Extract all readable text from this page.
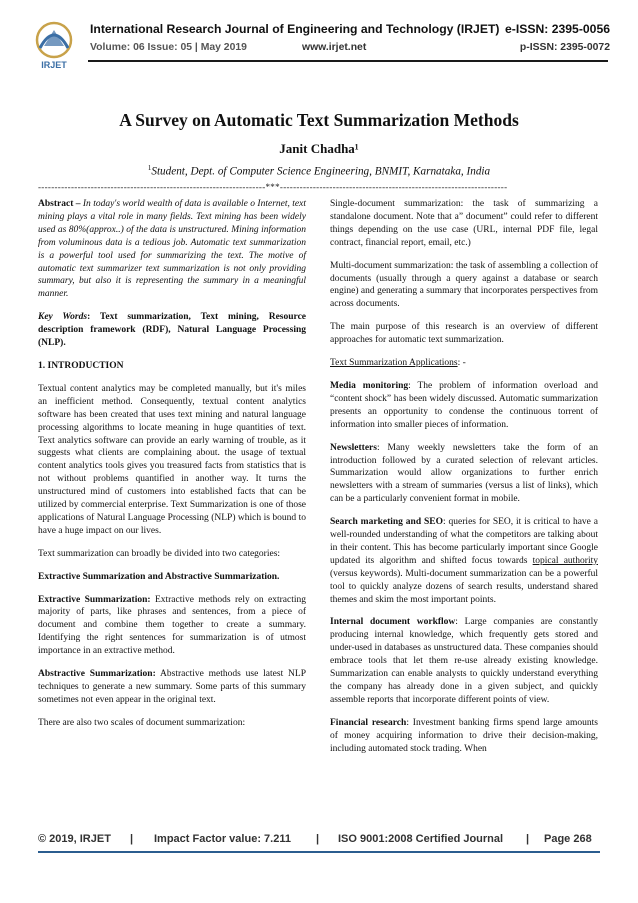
IRJET
International Research Journal of Engineering and Technology (IRJET) e-ISSN: 2395-0056
Volume: 06 Issue: 05 | May 2019	www.irjet.net	p-ISSN: 2395-0072
A Survey on Automatic Text Summarization Methods
Janit Chadha¹
$^1$Student, Dept. of Computer Science Engineering, BNMIT, Karnataka, India
---------------------------------------------------------------------***---------------------------------------------------------------------

Abstract – In today's world wealth of data is available o Internet, text mining plays a vital role in many fields. Text mining has been widely used as 80%(approx..) of the data is unstructured. Mining information from voluminous data is a tedious job. Automatic text summarization is a powerful tool used for summarizing the text. The motive of automatic text summarizer text summarization is not only providing summary, but also it is representing the summary in a meaningful manner.

Key Words: Text summarization, Text mining, Resource description framework (RDF), Natural Language Processing (NLP).

1. INTRODUCTION

Textual content analytics may be completed manually, but it's miles an inefficient method. Consequently, textual content analytics software has been created that uses text mining and natural language processing algorithms to locate meaning in huge quantities of text. Text analytics software can provide an early warning of trouble, as it suggests what clients are complaining about. the usage of textual content analytics tools gives you treasured facts from statistics that is not without problems quantified in another way. It turns the unstructured mind of customers into established facts that can be utilized by commercial enterprise. Text Summarization is one of those applications of Natural Language Processing (NLP) which is bound to have a huge impact on our lives.

Text summarization can broadly be divided into two categories:

Extractive Summarization and Abstractive Summarization.

Extractive Summarization: Extractive methods rely on extracting majority of parts, like phrases and sentences, from a piece of document and combine them together to create a summary. Identifying the right sentences for summarization is of utmost importance in an extractive method.

Abstractive Summarization: Abstractive methods use latest NLP techniques to generate a new summary. Some parts of this summary sometimes not even appear in the original text.

There are also two scales of document summarization:

Single-document summarization: the task of summarizing a standalone document. Note that a” document” could refer to different things depending on the use case (URL, internal PDF file, legal contract, financial report, email, etc.)

Multi-document summarization: the task of assembling a collection of documents (usually through a query against a database or search engine) and generating a summary that incorporates perspectives from across documents.

The main purpose of this research is an overview of different approaches for automatic text summarization.

Text Summarization Applications: -

Media monitoring: The problem of information overload and “content shock” has been widely discussed. Automatic summarization presents an opportunity to condense the continuous torrent of information into smaller pieces of information.

Newsletters: Many weekly newsletters take the form of an introduction followed by a curated selection of relevant articles. Summarization would allow organizations to further enrich newsletters with a stream of summaries (versus a list of links), which can be a particularly convenient format in mobile.

Search marketing and SEO: queries for SEO, it is critical to have a well-rounded understanding of what the competitors are talking about in their content. This has become particularly important since Google updated its algorithm and shifted focus towards topical authority (versus keywords). Multi-document summarization can be a powerful tool to quickly analyze dozens of search results, understand shared themes and skim the most important points.

Internal document workflow: Large companies are constantly producing internal knowledge, which frequently gets stored and under-used in databases as unstructured data. These companies should embrace tools that let them re-use already existing knowledge. Summarization can enable analysts to quickly understand everything the company has already done in a given subject, and quickly assemble reports that incorporate different points of view.

Financial research: Investment banking firms spend large amounts of money acquiring information to drive their decision-making, including automated stock trading. When

© 2019, IRJET | Impact Factor value: 7.211 | ISO 9001:2008 Certified Journal | Page 268
